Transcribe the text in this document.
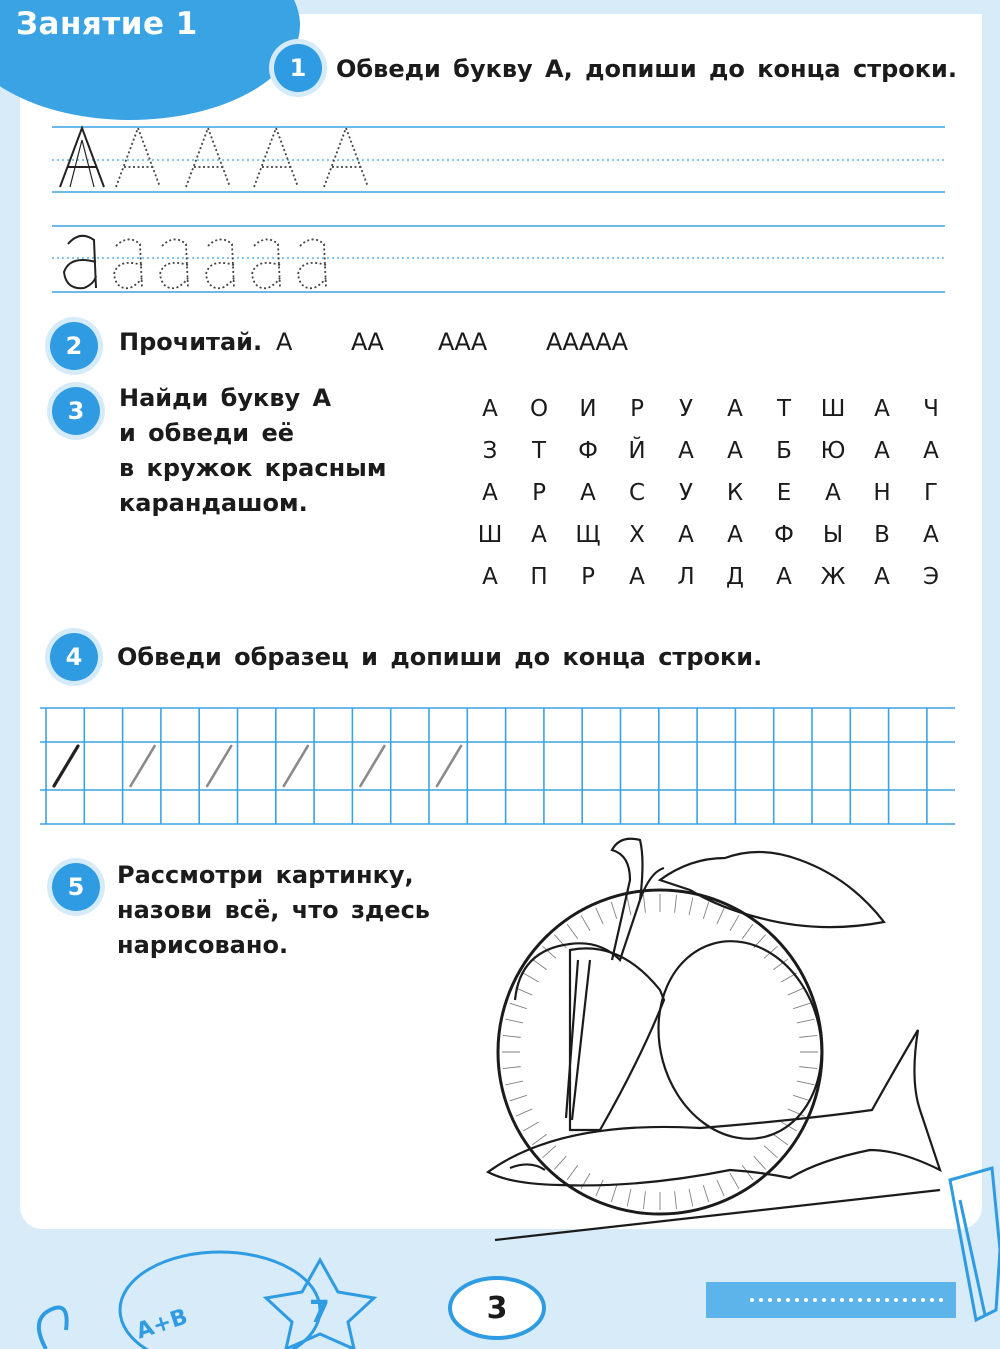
Занятие 1
1	Обведи букву А, допиши до конца строки.
2	Прочитай. А АА ААА ААААА
3	Найди букву А
и обведи её
в кружок красным
карандашом.
А	О	И	Р	У	А	Т	Ш	А	Ч
З	Т	Ф	Й	А	А	Б	Ю	А	А
А	Р	А	С	У	К	Е	А	Н	Г
Ш	А	Щ	Х	А	А	Ф	Ы	В	А
А	П	Р	А	Л	Д	А	Ж	А	Э
4	Обведи образец и допиши до конца строки.
5	Рассмотри картинку,
назови всё, что здесь
нарисовано.
7
A+B	3
